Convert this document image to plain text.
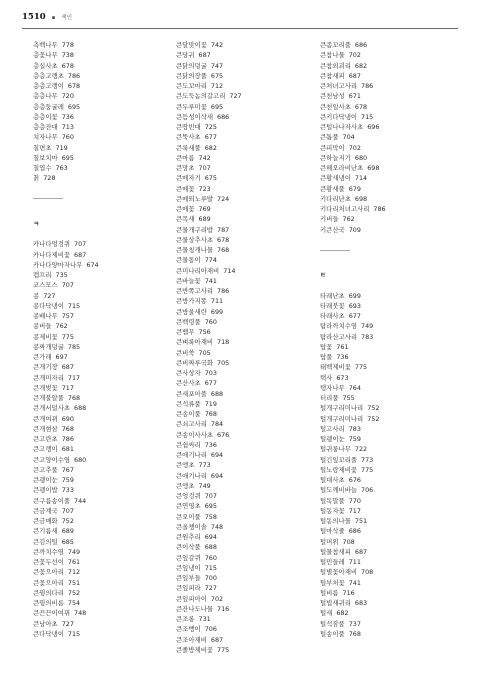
1510 ▪ 색인
측백나무 778
층꽃나무 738
층실사초 678
층층고랭초 786
층층고랭이 678
층층나무 720
층층둥굴레 695
층층이꽃 736
층층잔대 713
치자나무 760
칠면초 719
칠보치마 695
칠엽수 763
칡 728
ㅋ
카나다엉겅퀴 707
카나다제비꽃 687
카나다양마자나무 674
캠프리 735
코스모스 707
콩 727
콩다닥냉이 715
콩배나무 757
콩버들 762
콩제비꽃 775
콩짜개덩굴 785
큰가래 697
큰개기장 687
큰개미자리 717
큰개벚꽃 717
큰개불알풀 768
큰개서덜사초 688
큰개여뀌 690
큰개현삼 768
큰고란초 786
큰고랭이 681
큰고양이수염 680
큰고추풀 767
큰괭이눈 759
큰괭이밥 733
큰구름송이풀 744
큰금계국 707
큰금매화 752
큰기름새 689
큰김의털 685
큰까치수염 749
큰꽃두선이 761
큰꽃으아리 712
큰꽃으아리 751
큰꿩의다리 752
큰꿩의비름 754
큰끈끈이여뀌 748
큰낭아초 727
큰다닥냉이 715
큰달맞이꽃 742
큰당귀 687
큰닭의덩굴 747
큰닭의장풀 675
큰도꼬마리 712
큰도둑놈의갈고리 727
큰두루미꽃 695
큰듬성이삭새 686
큰땅빈대 725
큰뚝사초 677
큰룩새풀 682
큰마름 742
큰망초 707
큰매자기 675
큰메꽃 723
큰메뙤노루발 724
큰메꽃 769
큰목새 689
큰물개구리밥 787
큰물상추사초 678
큰물칭개나물 768
큰물통이 774
큰미나리아재비 714
큰바늘꽃 741
큰반쪽고사리 786
큰방가지똥 711
큰방울새란 699
큰백령풀 760
큰뱀무 756
큰벼룩아재비 718
큰비쑥 705
큰비짜루국화 705
큰사상자 703
큰산사초 677
큰새포아풀 688
큰석류풀 719
큰송이풀 768
큰쇠고사리 784
큰송이사사초 676
큰쉽싸리 736
큰애기나리 694
큰앵초 773
큰애기나리 694
큰앵초 749
큰엉겅퀴 707
큰연영초 695
큰오이풀 758
큰올챙이솔 748
큰원추리 694
큰이삭풀 688
큰잎갈퀴 760
큰잎냉이 715
큰잎부들 700
큰잎피라 727
큰잎피아이 702
큰잔나도나물 716
큰조롱 731
큰조뱅이 706
큰조아재비 687
큰졸방제비꽃 775
큰좀꼬리풀 686
큰참나물 702
큰참외괴리 682
큰참새피 687
큰처녀고사리 786
큰천남성 671
큰천일사초 678
큰키다닥냉이 715
큰털나나자사초 696
큰톱풀 704
큰피막이 702
큰하늘지기 680
큰해오라비난초 698
큰황새냉이 714
큰황새풀 679
키다리난초 698
키다리처녀고사리 786
키버들 762
키큰산국 709
ㅌ
타래난초 699
타래붓꽃 693
타래사초 677
탐라까치수염 749
탐라산고사리 783
탑꽃 761
탑풀 736
태백제비꽃 775
택사 673
탱자나무 764
터리풀 755
털개구리미나리 752
털개구리미나리 752
털고사리 783
털괭이눈 759
털귀룽나무 722
털긴잎꼬리풀 773
털노랑제비꽃 775
털대사초 676
털도깨비바늘 706
털독말풀 770
털동자꽃 717
털동의나물 751
털마삭줄 686
털머위 708
털물참새피 687
털민들레 711
털별꽃아재비 708
털부처꽃 741
털비름 716
털빕새귀리 683
털새 682
털석잠풀 737
털송이풀 768
